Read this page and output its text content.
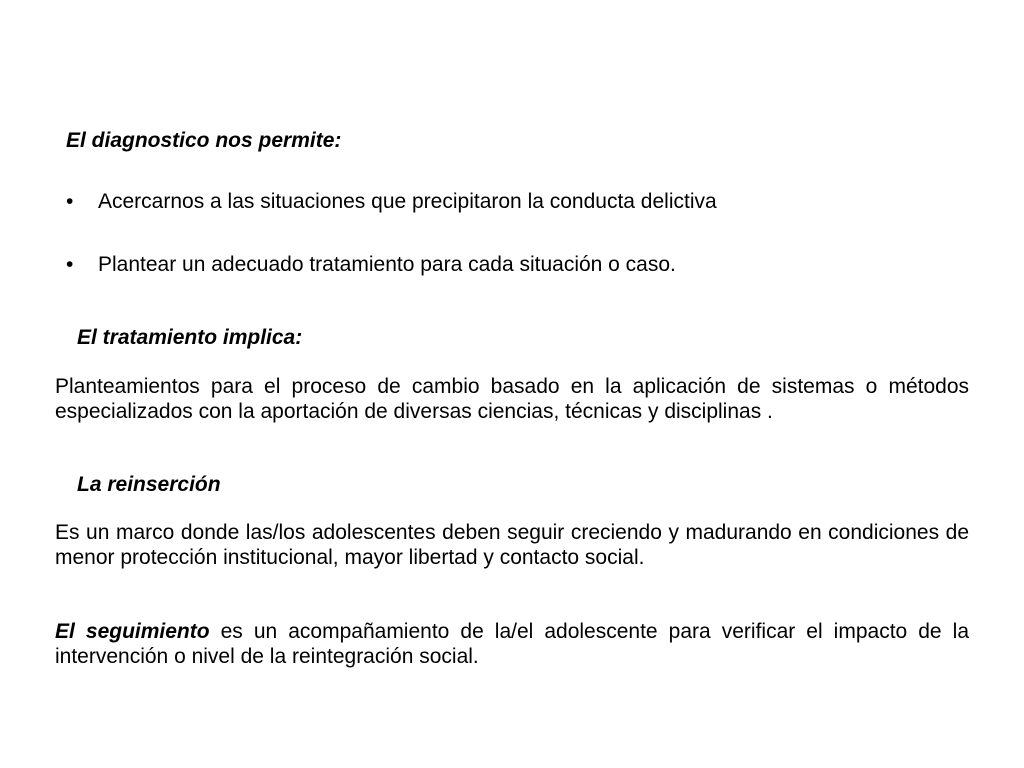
El diagnostico nos permite:
• Acercarnos a las situaciones que precipitaron la conducta delictiva
• Plantear un adecuado tratamiento para cada situación o caso.
El tratamiento implica:
Planteamientos para el proceso de cambio basado en la aplicación de sistemas o métodos especializados con la aportación de diversas ciencias, técnicas y disciplinas .
La reinserción
Es un marco donde las/los adolescentes deben seguir creciendo y madurando en condiciones de menor protección institucional, mayor libertad y contacto social.
El seguimiento es un acompañamiento de la/el adolescente para verificar el impacto de la intervención o nivel de la reintegración social.
